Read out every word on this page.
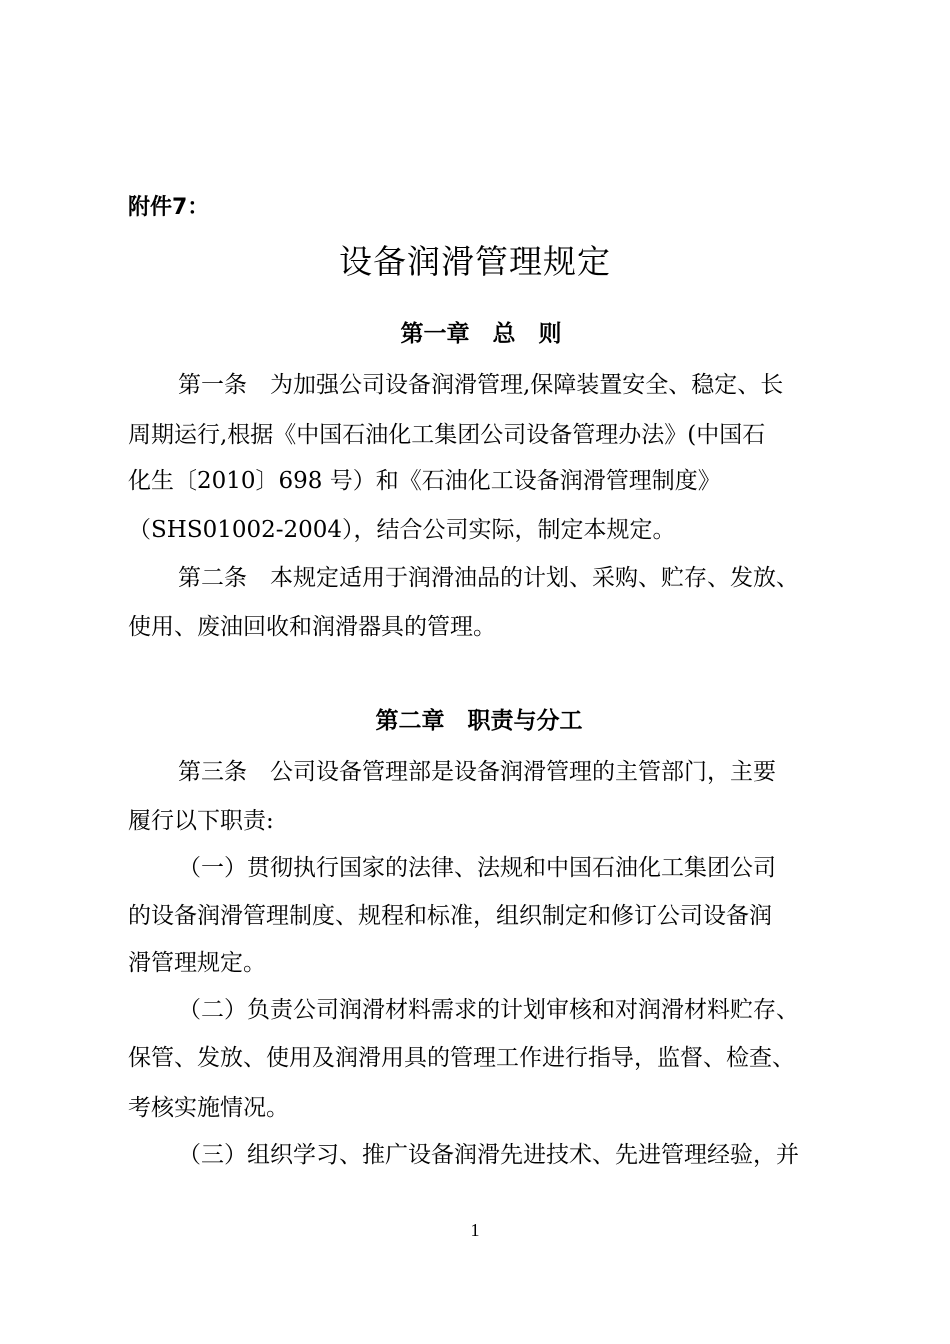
附件7：
设备润滑管理规定
第一章　总　则
第一条　为加强公司设备润滑管理,保障装置安全、稳定、长
周期运行,根据《中国石油化工集团公司设备管理办法》(中国石
化生〔2010〕698 号）和《石油化工设备润滑管理制度》
（SHS01002-2004），结合公司实际，制定本规定。
第二条　本规定适用于润滑油品的计划、采购、贮存、发放、
使用、废油回收和润滑器具的管理。
第二章　职责与分工
第三条　公司设备管理部是设备润滑管理的主管部门，主要
履行以下职责:
（一）贯彻执行国家的法律、法规和中国石油化工集团公司
的设备润滑管理制度、规程和标准，组织制定和修订公司设备润
滑管理规定。
（二）负责公司润滑材料需求的计划审核和对润滑材料贮存、
保管、发放、使用及润滑用具的管理工作进行指导，监督、检查、
考核实施情况。
（三）组织学习、推广设备润滑先进技术、先进管理经验，并
1
